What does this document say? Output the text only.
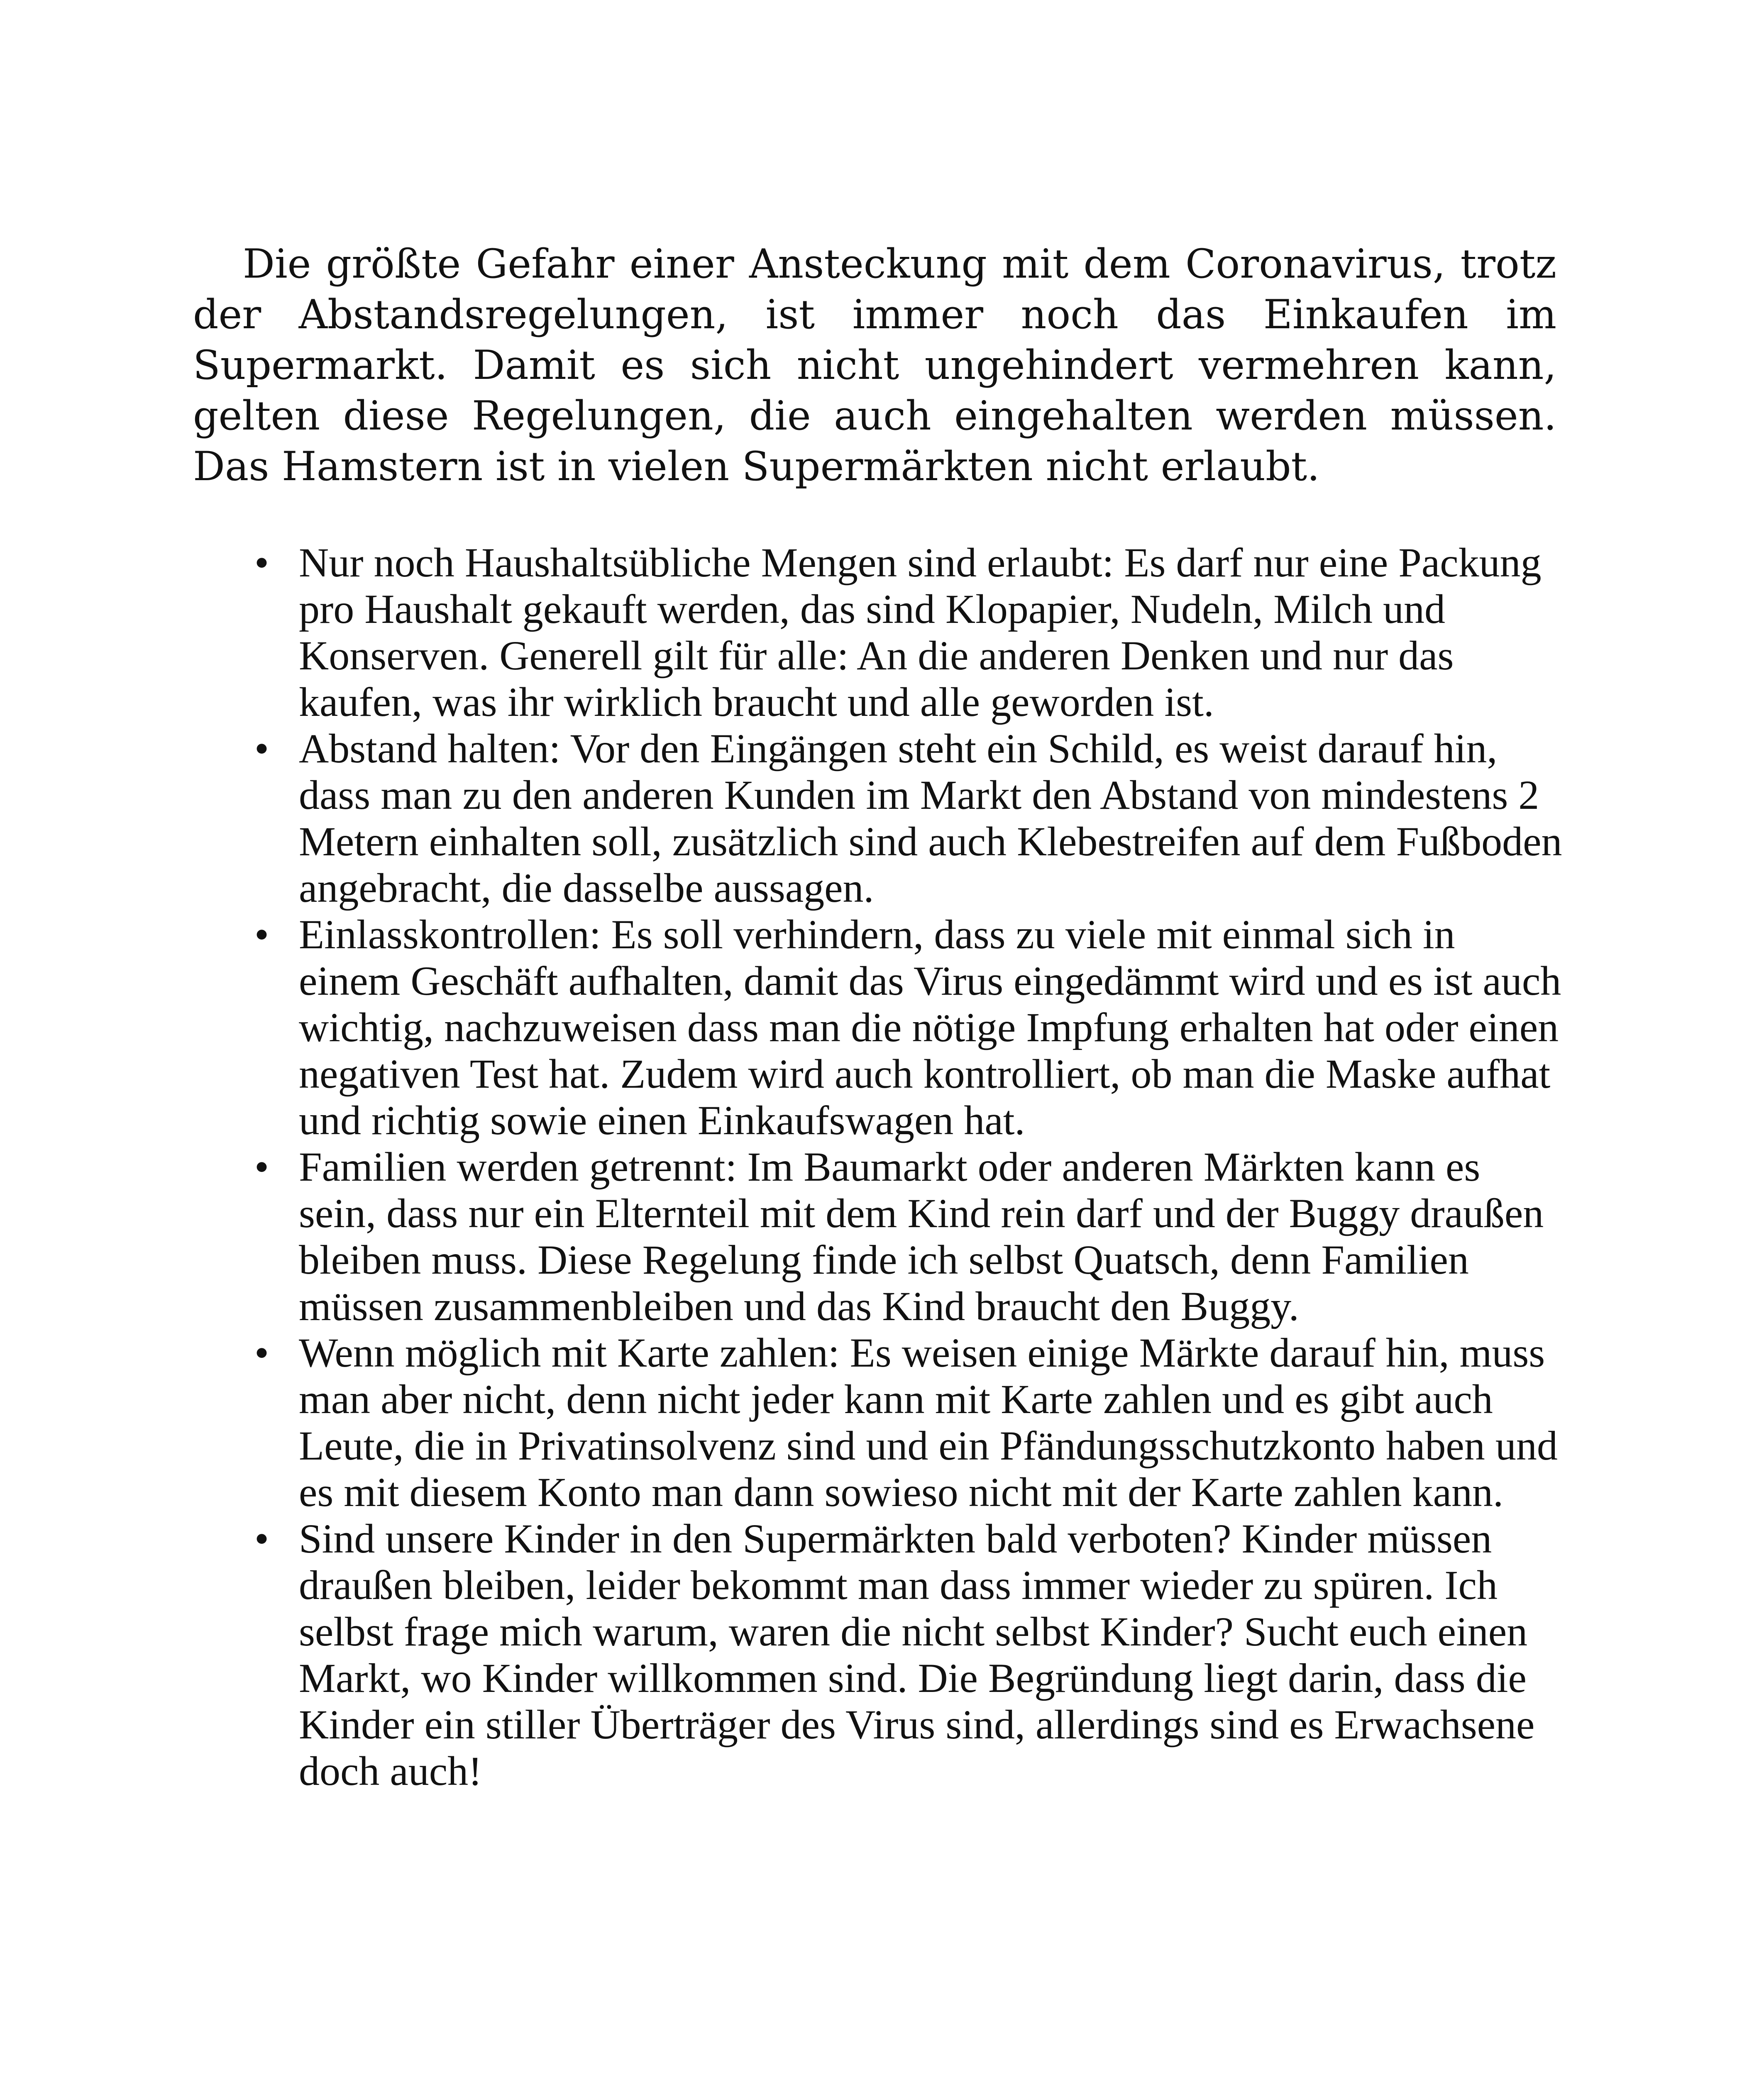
Die größte Gefahr einer Ansteckung mit dem Coronavirus, trotz der Abstandsregelungen, ist immer noch das Einkaufen im Supermarkt. Damit es sich nicht ungehindert vermehren kann, gelten diese Regelungen, die auch eingehalten werden müssen. Das Hamstern ist in vielen Supermärkten nicht erlaubt.

• Nur noch Haushaltsübliche Mengen sind erlaubt: Es darf nur eine Packung pro Haushalt gekauft werden, das sind Klopapier, Nudeln, Milch und Konserven. Generell gilt für alle: An die anderen Denken und nur das kaufen, was ihr wirklich braucht und alle geworden ist.
• Abstand halten: Vor den Eingängen steht ein Schild, es weist darauf hin, dass man zu den anderen Kunden im Markt den Abstand von mindestens 2 Metern einhalten soll, zusätzlich sind auch Klebestreifen auf dem Fußboden angebracht, die dasselbe aussagen.
• Einlasskontrollen: Es soll verhindern, dass zu viele mit einmal sich in einem Geschäft aufhalten, damit das Virus eingedämmt wird und es ist auch wichtig, nachzuweisen dass man die nötige Impfung erhalten hat oder einen negativen Test hat. Zudem wird auch kontrolliert, ob man die Maske aufhat und richtig sowie einen Einkaufswagen hat.
• Familien werden getrennt: Im Baumarkt oder anderen Märkten kann es sein, dass nur ein Elternteil mit dem Kind rein darf und der Buggy draußen bleiben muss. Diese Regelung finde ich selbst Quatsch, denn Familien müssen zusammenbleiben und das Kind braucht den Buggy.
• Wenn möglich mit Karte zahlen: Es weisen einige Märkte darauf hin, muss man aber nicht, denn nicht jeder kann mit Karte zahlen und es gibt auch Leute, die in Privatinsolvenz sind und ein Pfändungsschutzkonto haben und es mit diesem Konto man dann sowieso nicht mit der Karte zahlen kann.
• Sind unsere Kinder in den Supermärkten bald verboten? Kinder müssen draußen bleiben, leider bekommt man dass immer wieder zu spüren. Ich selbst frage mich warum, waren die nicht selbst Kinder? Sucht euch einen Markt, wo Kinder willkommen sind. Die Begründung liegt darin, dass die Kinder ein stiller Überträger des Virus sind, allerdings sind es Erwachsene doch auch!
